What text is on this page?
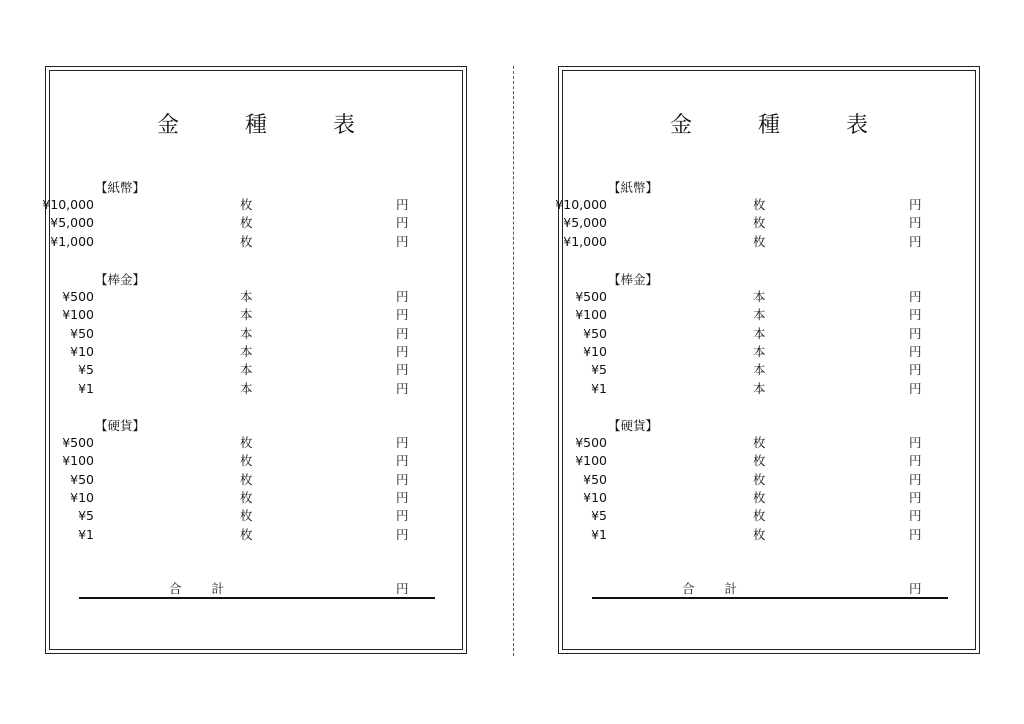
金　種　表
【紙幣】
¥10,000	枚	円
¥5,000	枚	円
¥1,000	枚	円
【棒金】
¥500	本	円
¥100	本	円
¥50	本	円
¥10	本	円
¥5	本	円
¥1	本	円
【硬貨】
¥500	枚	円
¥100	枚	円
¥50	枚	円
¥10	枚	円
¥5	枚	円
¥1	枚	円
合計	円
金　種　表
【紙幣】
¥10,000	枚	円
¥5,000	枚	円
¥1,000	枚	円
【棒金】
¥500	本	円
¥100	本	円
¥50	本	円
¥10	本	円
¥5	本	円
¥1	本	円
【硬貨】
¥500	枚	円
¥100	枚	円
¥50	枚	円
¥10	枚	円
¥5	枚	円
¥1	枚	円
合計	円
